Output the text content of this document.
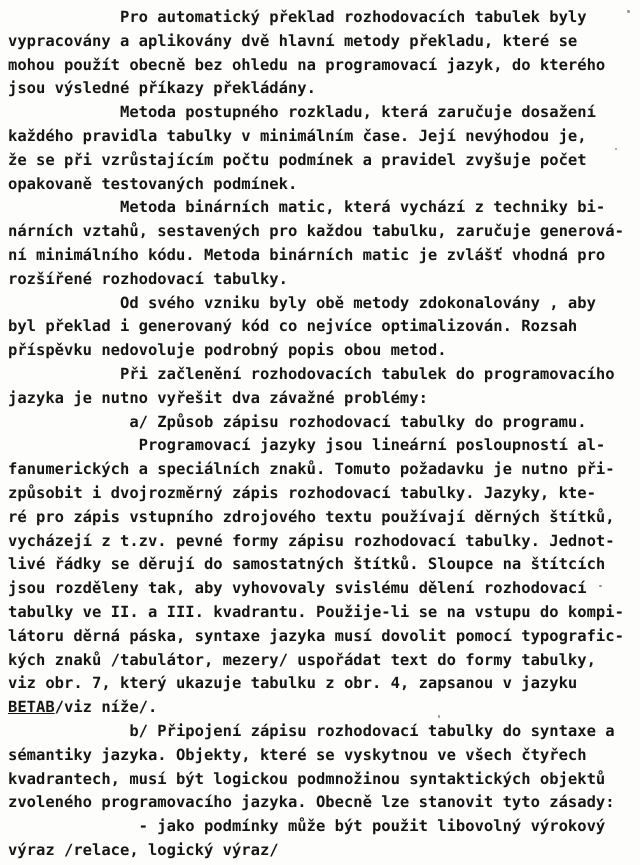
Pro automatický překlad rozhodovacích tabulek byly
vypracovány a aplikovány dvě hlavní metody překladu, které se
mohou použít obecně bez ohledu na programovací jazyk, do kterého
jsou výsledné příkazy překládány.
Metoda postupného rozkladu, která zaručuje dosažení
každého pravidla tabulky v minimálním čase. Její nevýhodou je,
že se při vzrůstajícím počtu podmínek a pravidel zvyšuje počet
opakovaně testovaných podmínek.
Metoda binárních matic, která vychází z techniky bi-
nárních vztahů, sestavených pro každou tabulku, zaručuje generová-
ní minimálního kódu. Metoda binárních matic je zvlášť vhodná pro
rozšířené rozhodovací tabulky.
Od svého vzniku byly obě metody zdokonalovány , aby
byl překlad i generovaný kód co nejvíce optimalizován. Rozsah
příspěvku nedovoluje podrobný popis obou metod.
Při začlenění rozhodovacích tabulek do programovacího
jazyka je nutno vyřešit dva závažné problémy:
a/ Způsob zápisu rozhodovací tabulky do programu.
Programovací jazyky jsou lineární posloupností al-
fanumerických a speciálních znaků. Tomuto požadavku je nutno při-
způsobit i dvojrozměrný zápis rozhodovací tabulky. Jazyky, kte-
ré pro zápis vstupního zdrojového textu používají děrných štítků,
vycházejí z t.zv. pevné formy zápisu rozhodovací tabulky. Jednot-
livé řádky se děrují do samostatných štítků. Sloupce na štítcích
jsou rozděleny tak, aby vyhovovaly svislému dělení rozhodovací
tabulky ve II. a III. kvadrantu. Použije-li se na vstupu do kompi-
látoru děrná páska, syntaxe jazyka musí dovolit pomocí typografic-
kých znaků /tabulátor, mezery/ uspořádat text do formy tabulky,
viz obr. 7, který ukazuje tabulku z obr. 4, zapsanou v jazyku
BETAB/viz níže/.
b/ Připojení zápisu rozhodovací tabulky do syntaxe a
sémantiky jazyka. Objekty, které se vyskytnou ve všech čtyřech
kvadrantech, musí být logickou podmnožinou syntaktických objektů
zvoleného programovacího jazyka. Obecně lze stanovit tyto zásady:
- jako podmínky může být použit libovolný výrokový
výraz /relace, logický výraz/
